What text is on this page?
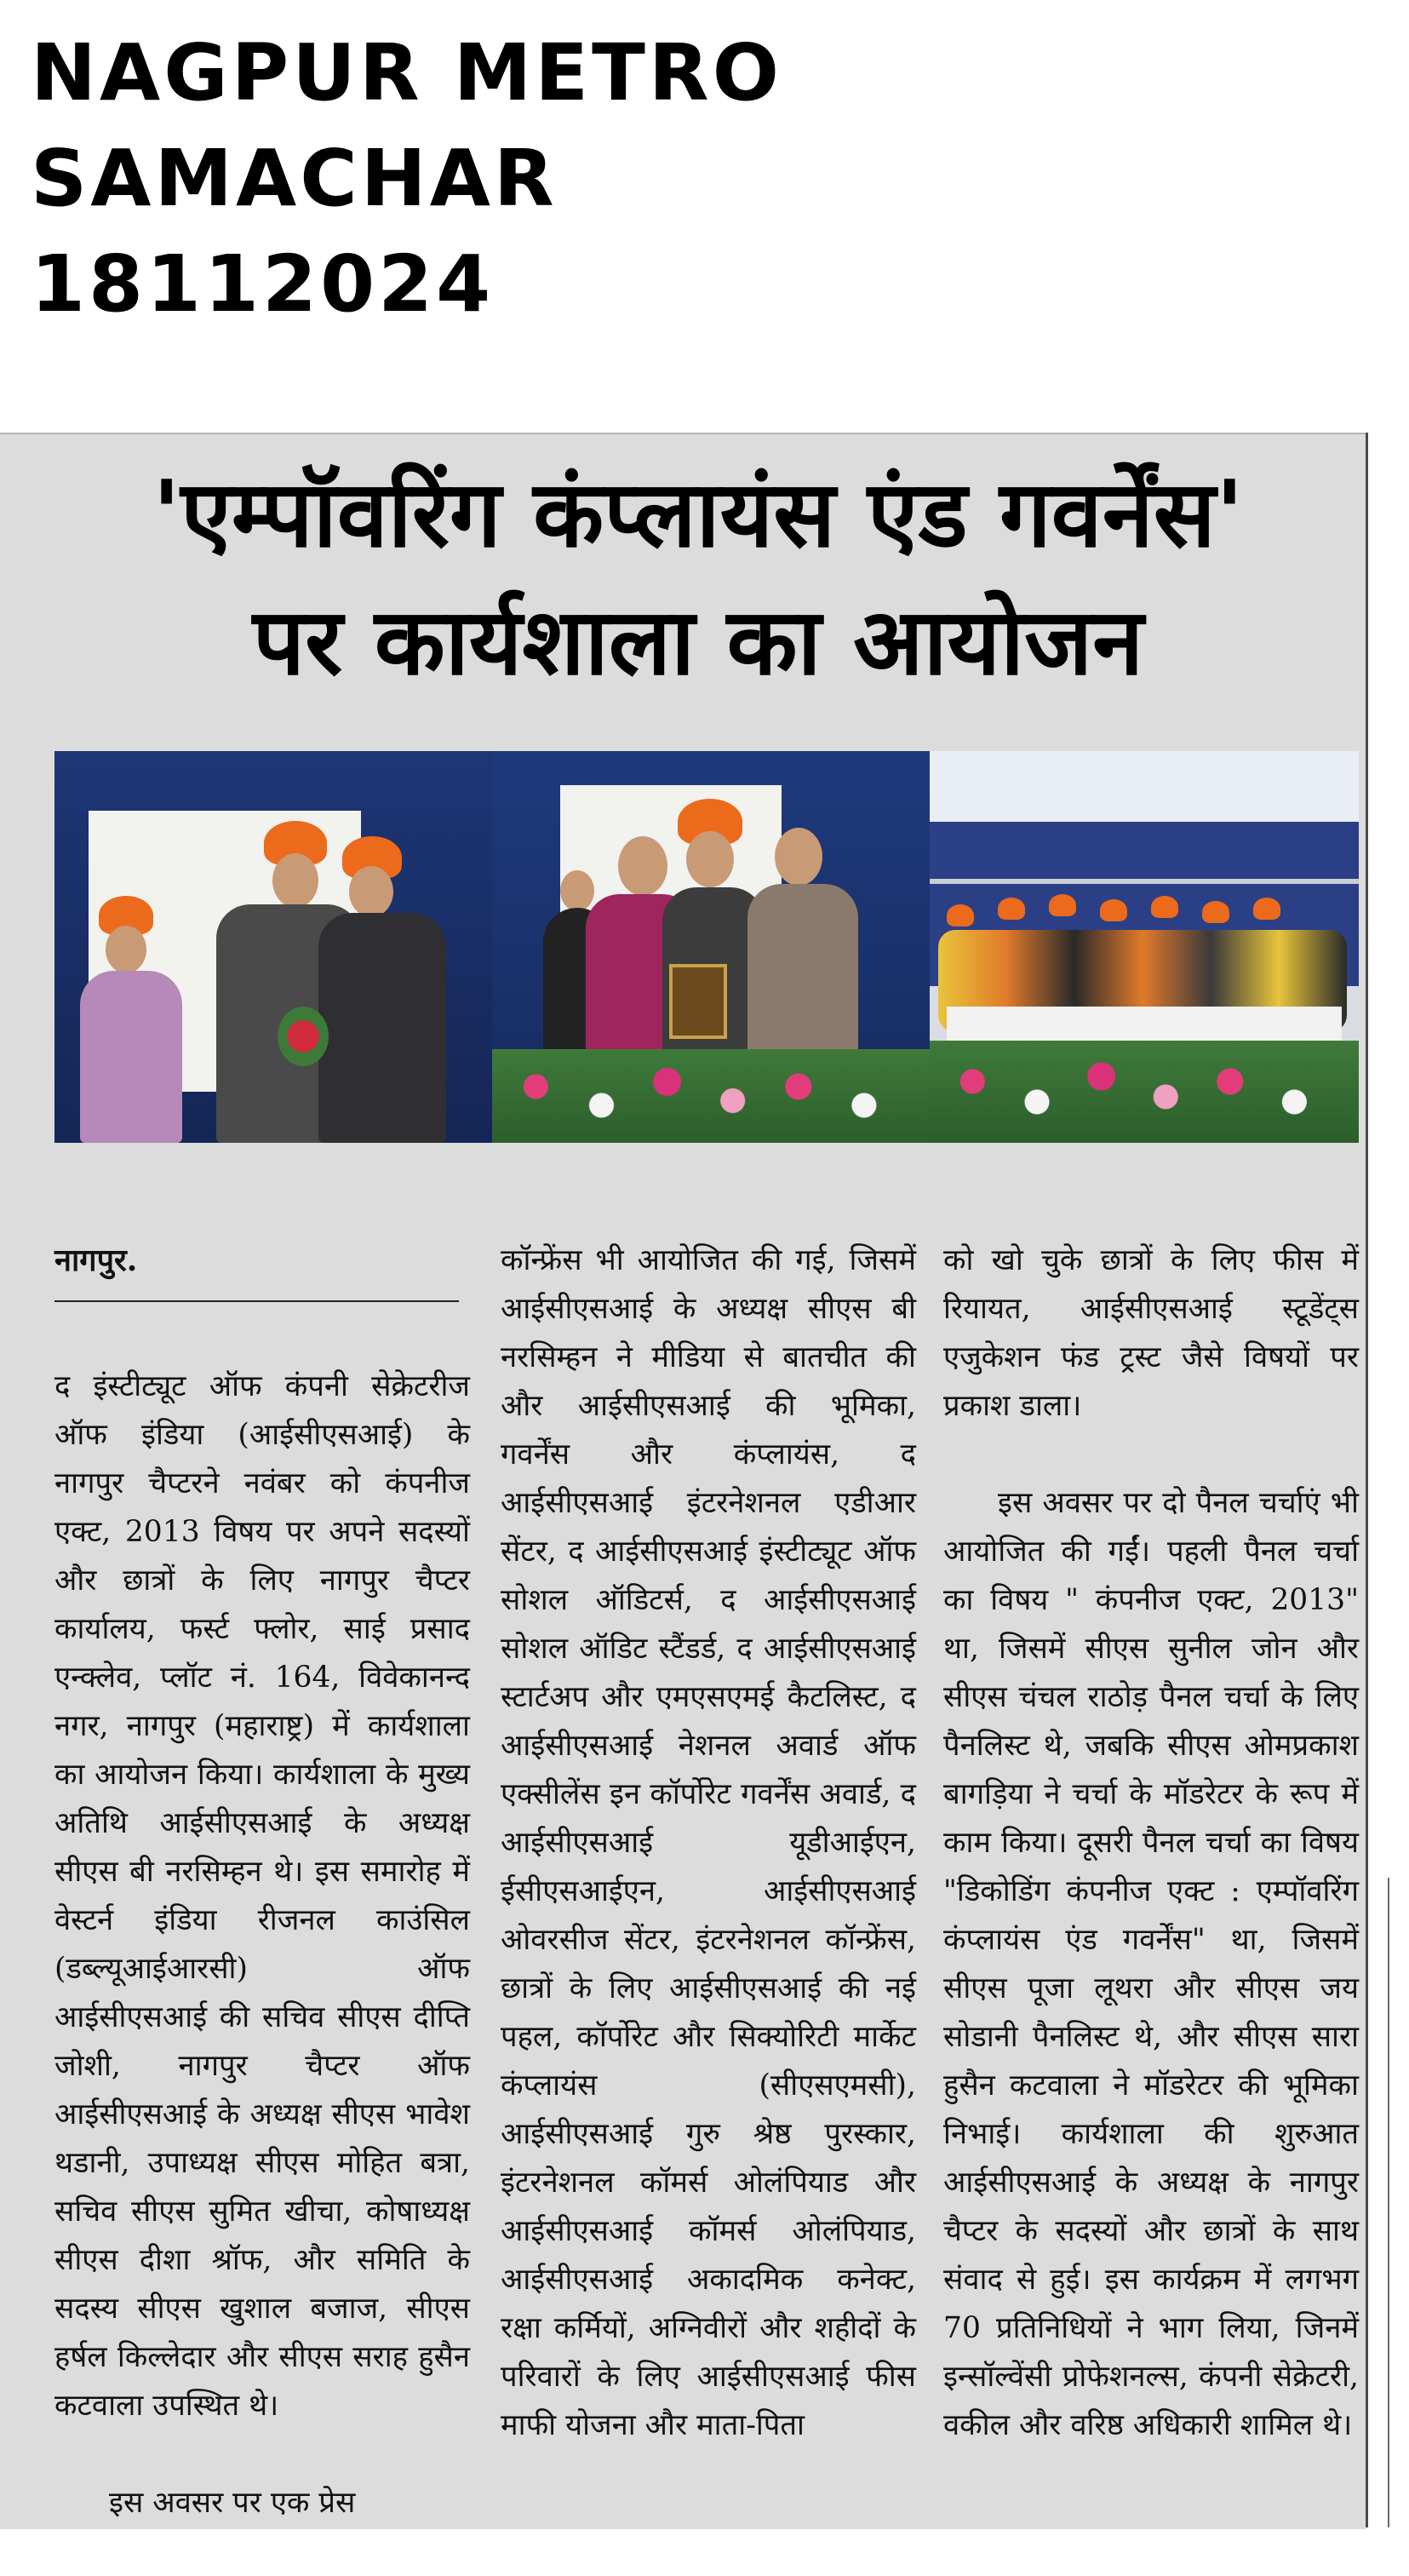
NAGPUR METRO
SAMACHAR
18112024
'एम्पॉवरिंग कंप्लायंस एंड गवर्नेंस'
पर कार्यशाला का आयोजन

नागपुर.

द इंस्टीट्यूट ऑफ कंपनी सेक्रेटरीज ऑफ इंडिया (आईसीएसआई) के नागपुर चैप्टरने नवंबर को कंपनीज एक्ट, 2013 विषय पर अपने सदस्यों और छात्रों के लिए नागपुर चैप्टर कार्यालय, फर्स्ट फ्लोर, साई प्रसाद एन्क्लेव, प्लॉट नं. 164, विवेकानन्द नगर, नागपुर (महाराष्ट्र) में कार्यशाला का आयोजन किया। कार्यशाला के मुख्य अतिथि आईसीएसआई के अध्यक्ष सीएस बी नरसिम्हन थे। इस समारोह में वेस्टर्न इंडिया रीजनल काउंसिल (डब्ल्यूआईआरसी) ऑफ आईसीएसआई की सचिव सीएस दीप्ति जोशी, नागपुर चैप्टर ऑफ आईसीएसआई के अध्यक्ष सीएस भावेश थडानी, उपाध्यक्ष सीएस मोहित बत्रा, सचिव सीएस सुमित खीचा, कोषाध्यक्ष सीएस दीशा श्रॉफ, और समिति के सदस्य सीएस खुशाल बजाज, सीएस हर्षल किल्लेदार और सीएस सराह हुसैन कटवाला उपस्थित थे।

इस अवसर पर एक प्रेस

कॉन्फ्रेंस भी आयोजित की गई, जिसमें आईसीएसआई के अध्यक्ष सीएस बी नरसिम्हन ने मीडिया से बातचीत की और आईसीएसआई की भूमिका, गवर्नेंस और कंप्लायंस, द आईसीएसआई इंटरनेशनल एडीआर सेंटर, द आईसीएसआई इंस्टीट्यूट ऑफ सोशल ऑडिटर्स, द आईसीएसआई सोशल ऑडिट स्टैंडर्ड, द आईसीएसआई स्टार्टअप और एमएसएमई कैटलिस्ट, द आईसीएसआई नेशनल अवार्ड ऑफ एक्सीलेंस इन कॉर्पोरेट गवर्नेंस अवार्ड, द आईसीएसआई यूडीआईएन, ईसीएसआईएन, आईसीएसआई ओवरसीज सेंटर, इंटरनेशनल कॉन्फ्रेंस, छात्रों के लिए आईसीएसआई की नई पहल, कॉर्पोरेट और सिक्योरिटी मार्केट कंप्लायंस (सीएसएमसी), आईसीएसआई गुरु श्रेष्ठ पुरस्कार, इंटरनेशनल कॉमर्स ओलंपियाड और आईसीएसआई कॉमर्स ओलंपियाड, आईसीएसआई अकादमिक कनेक्ट, रक्षा कर्मियों, अग्निवीरों और शहीदों के परिवारों के लिए आईसीएसआई फीस माफी योजना और माता-पिता

को खो चुके छात्रों के लिए फीस में रियायत, आईसीएसआई स्टूडेंट्स एजुकेशन फंड ट्रस्ट जैसे विषयों पर प्रकाश डाला।

इस अवसर पर दो पैनल चर्चाएं भी आयोजित की गईं। पहली पैनल चर्चा का विषय " कंपनीज एक्ट, 2013" था, जिसमें सीएस सुनील जोन और सीएस चंचल राठोड़ पैनल चर्चा के लिए पैनलिस्ट थे, जबकि सीएस ओमप्रकाश बागड़िया ने चर्चा के मॉडरेटर के रूप में काम किया। दूसरी पैनल चर्चा का विषय "डिकोडिंग कंपनीज एक्ट : एम्पॉवरिंग कंप्लायंस एंड गवर्नेंस" था, जिसमें सीएस पूजा लूथरा और सीएस जय सोडानी पैनलिस्ट थे, और सीएस सारा हुसैन कटवाला ने मॉडरेटर की भूमिका निभाई। कार्यशाला की शुरुआत आईसीएसआई के अध्यक्ष के नागपुर चैप्टर के सदस्यों और छात्रों के साथ संवाद से हुई। इस कार्यक्रम में लगभग 70 प्रतिनिधियों ने भाग लिया, जिनमें इन्सॉल्वेंसी प्रोफेशनल्स, कंपनी सेक्रेटरी, वकील और वरिष्ठ अधिकारी शामिल थे।
